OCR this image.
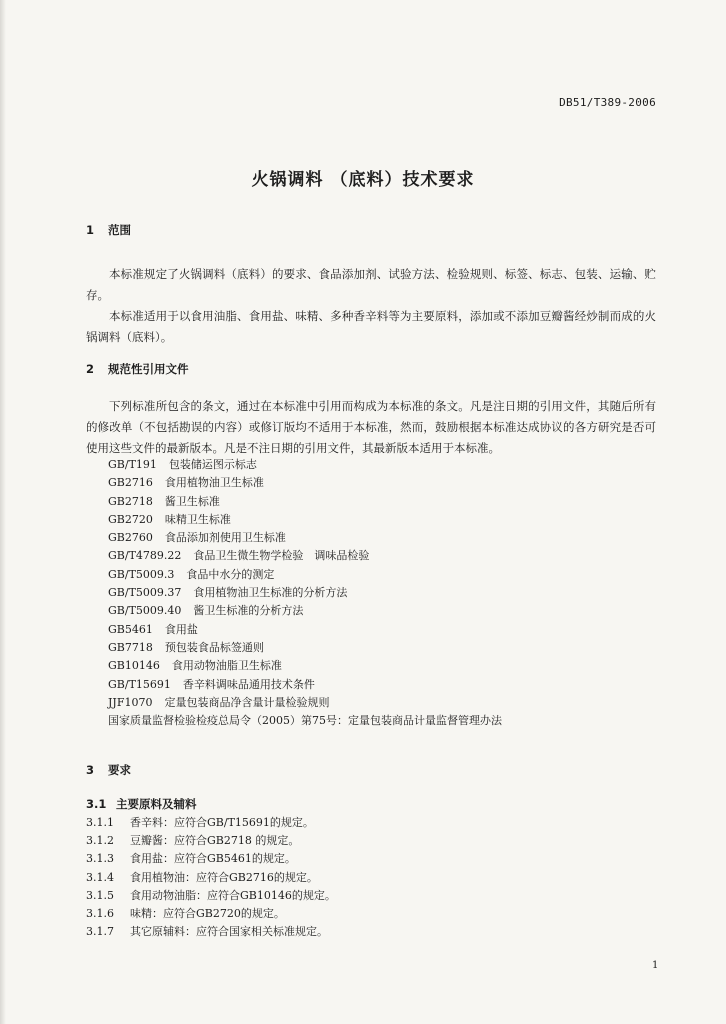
DB51/T389-2006
火锅调料 （底料）技术要求
1 范围

本标准规定了火锅调料（底料）的要求、食品添加剂、试验方法、检验规则、标签、标志、包装、运输、贮存。

本标准适用于以食用油脂、食用盐、味精、多种香辛料等为主要原料，添加或不添加豆瓣酱经炒制而成的火锅调料（底料）。

2 规范性引用文件

下列标准所包含的条文，通过在本标准中引用而构成为本标准的条文。凡是注日期的引用文件，其随后所有的修改单（不包括勘误的内容）或修订版均不适用于本标准，然而，鼓励根据本标准达成协议的各方研究是否可使用这些文件的最新版本。凡是不注日期的引用文件，其最新版本适用于本标准。

GB/T191 包装储运图示标志
GB2716 食用植物油卫生标准
GB2718 酱卫生标准
GB2720 味精卫生标准
GB2760 食品添加剂使用卫生标准
GB/T4789.22 食品卫生微生物学检验　调味品检验
GB/T5009.3 食品中水分的测定
GB/T5009.37 食用植物油卫生标准的分析方法
GB/T5009.40 酱卫生标准的分析方法
GB5461 食用盐
GB7718 预包装食品标签通则
GB10146 食用动物油脂卫生标准
GB/T15691 香辛料调味品通用技术条件
JJF1070 定量包装商品净含量计量检验规则
国家质量监督检验检疫总局令（2005）第75号：定量包装商品计量监督管理办法
3 要求
3.1 主要原料及辅料
3.1.1 香辛料：应符合GB/T15691的规定。
3.1.2 豆瓣酱：应符合GB2718 的规定。
3.1.3 食用盐：应符合GB5461的规定。
3.1.4 食用植物油：应符合GB2716的规定。
3.1.5 食用动物油脂：应符合GB10146的规定。
3.1.6 味精：应符合GB2720的规定。
3.1.7 其它原辅料：应符合国家相关标准规定。
1
